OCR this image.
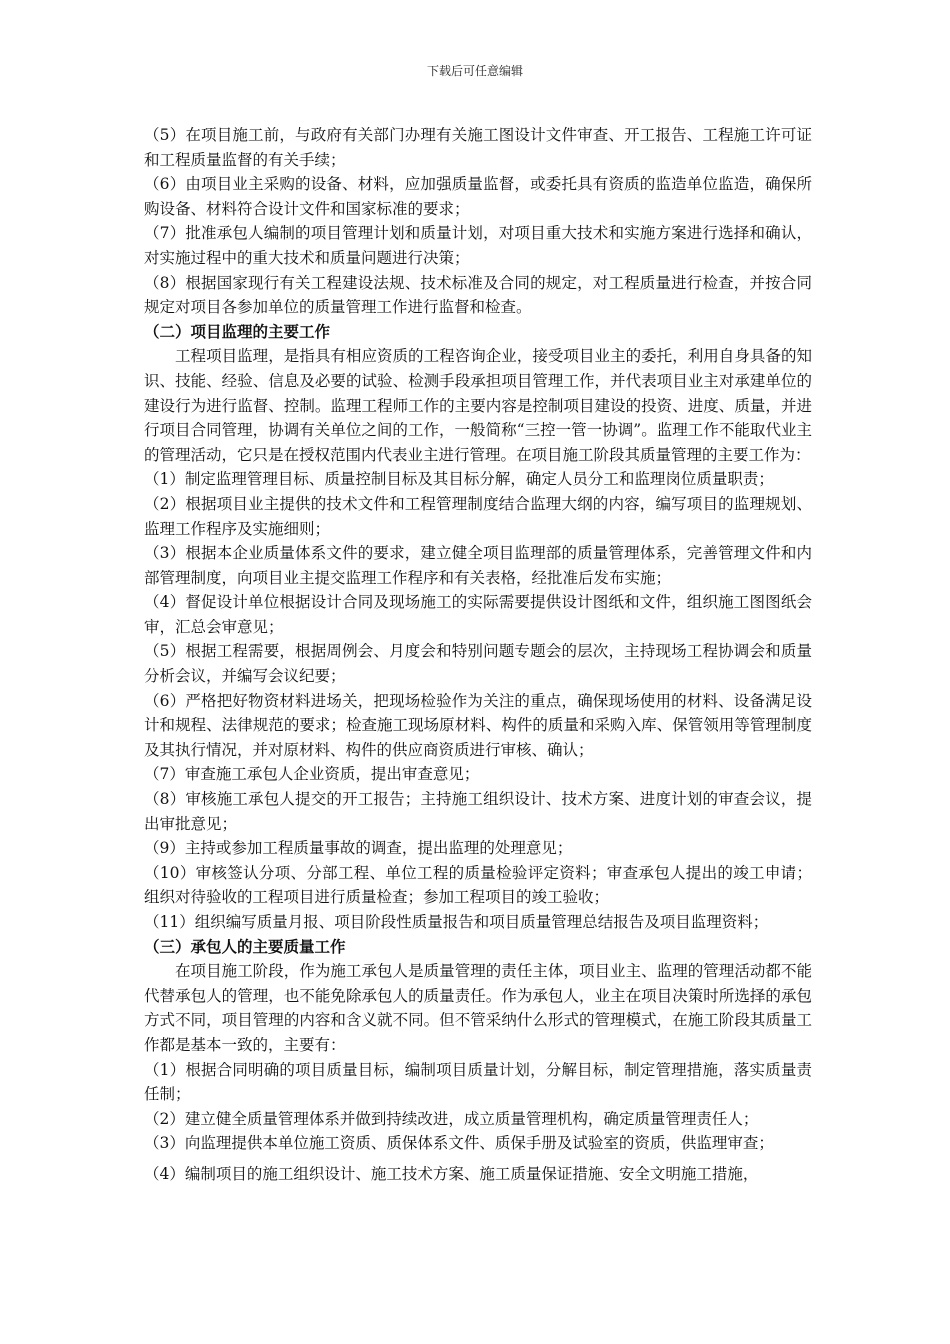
下载后可任意编辑

（5）在项目施工前，与政府有关部门办理有关施工图设计文件审查、开工报告、工程施工许可证和工程质量监督的有关手续；

（6）由项目业主采购的设备、材料，应加强质量监督，或委托具有资质的监造单位监造，确保所购设备、材料符合设计文件和国家标准的要求；

（7）批准承包人编制的项目管理计划和质量计划，对项目重大技术和实施方案进行选择和确认，对实施过程中的重大技术和质量问题进行决策；

（8）根据国家现行有关工程建设法规、技术标准及合同的规定，对工程质量进行检查，并按合同规定对项目各参加单位的质量管理工作进行监督和检查。

（二）项目监理的主要工作

工程项目监理，是指具有相应资质的工程咨询企业，接受项目业主的委托，利用自身具备的知识、技能、经验、信息及必要的试验、检测手段承担项目管理工作，并代表项目业主对承建单位的建设行为进行监督、控制。监理工程师工作的主要内容是控制项目建设的投资、进度、质量，并进行项目合同管理，协调有关单位之间的工作，一般简称“三控一管一协调”。监理工作不能取代业主的管理活动，它只是在授权范围内代表业主进行管理。在项目施工阶段其质量管理的主要工作为：

（1）制定监理管理目标、质量控制目标及其目标分解，确定人员分工和监理岗位质量职责；

（2）根据项目业主提供的技术文件和工程管理制度结合监理大纲的内容，编写项目的监理规划、监理工作程序及实施细则；

（3）根据本企业质量体系文件的要求，建立健全项目监理部的质量管理体系，完善管理文件和内部管理制度，向项目业主提交监理工作程序和有关表格，经批准后发布实施；

（4）督促设计单位根据设计合同及现场施工的实际需要提供设计图纸和文件，组织施工图图纸会审，汇总会审意见；

（5）根据工程需要，根据周例会、月度会和特别问题专题会的层次，主持现场工程协调会和质量分析会议，并编写会议纪要；

（6）严格把好物资材料进场关，把现场检验作为关注的重点，确保现场使用的材料、设备满足设计和规程、法律规范的要求；检查施工现场原材料、构件的质量和采购入库、保管领用等管理制度及其执行情况，并对原材料、构件的供应商资质进行审核、确认；

（7）审查施工承包人企业资质，提出审查意见；

（8）审核施工承包人提交的开工报告；主持施工组织设计、技术方案、进度计划的审查会议，提出审批意见；

（9）主持或参加工程质量事故的调查，提出监理的处理意见；

（10）审核签认分项、分部工程、单位工程的质量检验评定资料；审查承包人提出的竣工申请；组织对待验收的工程项目进行质量检查；参加工程项目的竣工验收；

（11）组织编写质量月报、项目阶段性质量报告和项目质量管理总结报告及项目监理资料；

（三）承包人的主要质量工作

在项目施工阶段，作为施工承包人是质量管理的责任主体，项目业主、监理的管理活动都不能代替承包人的管理，也不能免除承包人的质量责任。作为承包人，业主在项目决策时所选择的承包方式不同，项目管理的内容和含义就不同。但不管采纳什么形式的管理模式，在施工阶段其质量工作都是基本一致的，主要有：

（1）根据合同明确的项目质量目标，编制项目质量计划，分解目标，制定管理措施，落实质量责任制；

（2）建立健全质量管理体系并做到持续改进，成立质量管理机构，确定质量管理责任人；

（3）向监理提供本单位施工资质、质保体系文件、质保手册及试验室的资质，供监理审查；

（4）编制项目的施工组织设计、施工技术方案、施工质量保证措施、安全文明施工措施，
